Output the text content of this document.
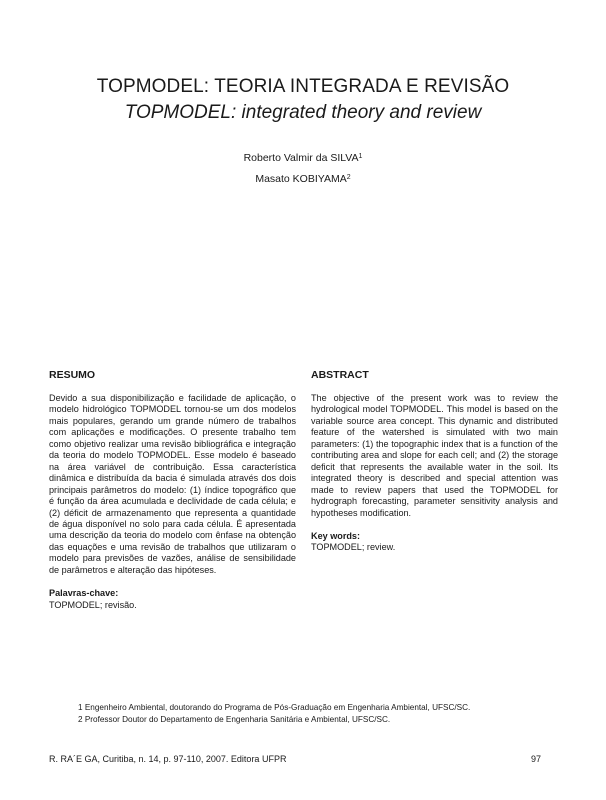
TOPMODEL: TEORIA INTEGRADA E REVISÃO
TOPMODEL: integrated theory and review
Roberto Valmir da SILVA$^1$
Masato KOBIYAMA$^2$
RESUMO

Devido a sua disponibilização e facilidade de aplicação, o modelo hidrológico TOPMODEL tornou-se um dos modelos mais populares, gerando um grande número de trabalhos com aplicações e modificações. O presente trabalho tem como objetivo realizar uma revisão bibliográfica e integração da teoria do modelo TOPMODEL. Esse modelo é baseado na área variável de contribuição. Essa característica dinâmica e distribuída da bacia é simulada através dos dois principais parâmetros do modelo: (1) índice topográfico que é função da área acumulada e declividade de cada célula; e (2) déficit de armazenamento que representa a quantidade de água disponível no solo para cada célula. É apresentada uma descrição da teoria do modelo com ênfase na obtenção das equações e uma revisão de trabalhos que utilizaram o modelo para previsões de vazões, análise de sensibilidade de parâmetros e alteração das hipóteses.

Palavras-chave:
TOPMODEL; revisão.
ABSTRACT

The objective of the present work was to review the hydrological model TOPMODEL. This model is based on the variable source area concept. This dynamic and distributed feature of the watershed is simulated with two main parameters: (1) the topographic index that is a function of the contributing area and slope for each cell; and (2) the storage deficit that represents the available water in the soil. Its integrated theory is described and special attention was made to review papers that used the TOPMODEL for hydrograph forecasting, parameter sensitivity analysis and hypotheses modification.

Key words:
TOPMODEL; review.
1 Engenheiro Ambiental, doutorando do Programa de Pós-Graduação em Engenharia Ambiental, UFSC/SC.
2 Professor Doutor do Departamento de Engenharia Sanitária e Ambiental, UFSC/SC.
R. RA´E GA, Curitiba, n. 14, p. 97-110, 2007. Editora UFPR	97
